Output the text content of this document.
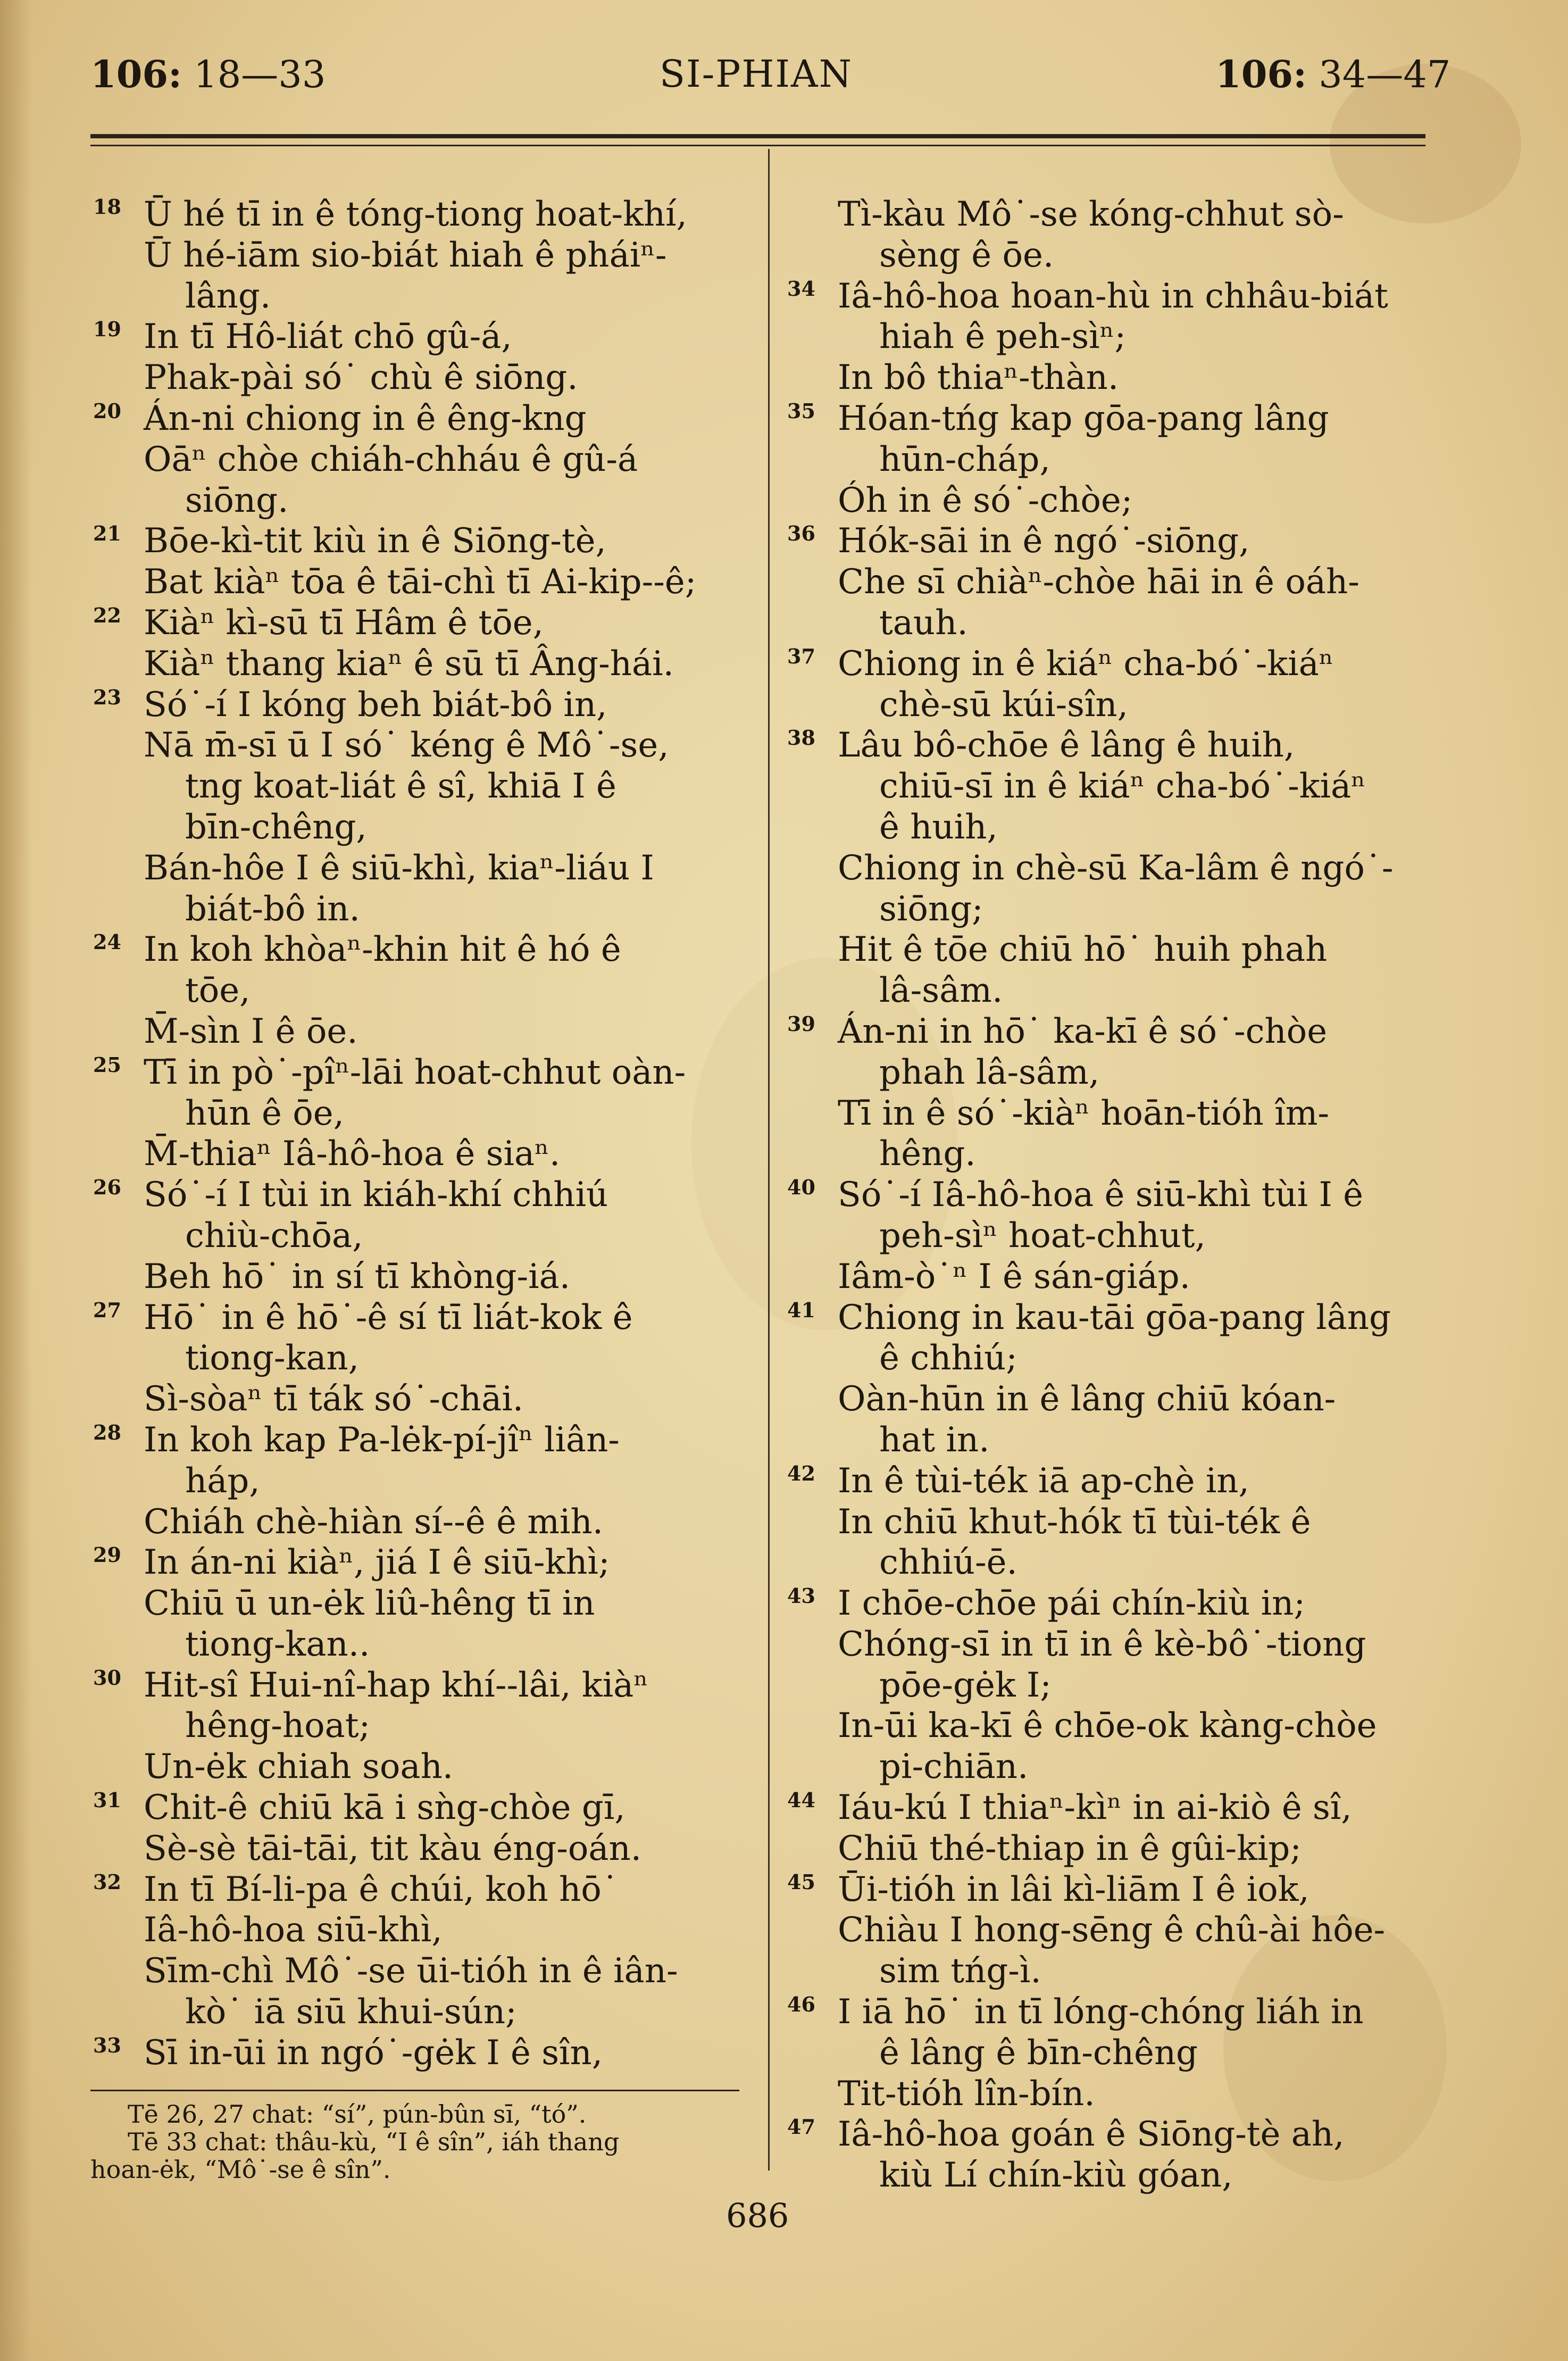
106: 18—33	SI-PHIAN	106: 34—47
18 Ū hé tī in ê tóng-tiong hoat-khí,
Ū hé-iām sio-biát hiah ê pháiⁿ-
lâng.
19 In tī Hô-liát chō gû-á,
Phak-pài só˙ chù ê siōng.
20 Án-ni chiong in ê êng-kng
Oāⁿ chòe chiáh-chháu ê gû-á
siōng.
21 Bōe-kì-tit kiù in ê Siōng-tè,
Bat kiàⁿ tōa ê tāi-chì tī Ai-kip--ê;
22 Kiàⁿ kì-sū tī Hâm ê tōe,
Kiàⁿ thang kiaⁿ ê sū tī Âng-hái.
23 Só˙-í I kóng beh biát-bô in,
Nā m̄-sī ū I só˙ kéng ê Mô˙-se,
tng koat-liát ê sî, khiā I ê
bīn-chêng,
Bán-hôe I ê siū-khì, kiaⁿ-liáu I
biát-bô in.
24 In koh khòaⁿ-khin hit ê hó ê
tōe,
M̄-sìn I ê ōe.
25 Tī in pò˙-pîⁿ-lāi hoat-chhut oàn-
hūn ê ōe,
M̄-thiaⁿ Iâ-hô-hoa ê siaⁿ.
26 Só˙-í I tùi in kiáh-khí chhiú
chiù-chōa,
Beh hō˙ in sí tī khòng-iá.
27 Hō˙ in ê hō˙-ê sí tī liát-kok ê
tiong-kan,
Sì-sòaⁿ tī ták só˙-chāi.
28 In koh kap Pa-lėk-pí-jîⁿ liân-
háp,
Chiáh chè-hiàn sí--ê ê mih.
29 In án-ni kiàⁿ, jiá I ê siū-khì;
Chiū ū un-ėk liû-hêng tī in
tiong-kan..
30 Hit-sî Hui-nî-hap khí--lâi, kiàⁿ
hêng-hoat;
Un-ėk chiah soah.
31 Chit-ê chiū kā i sǹg-chòe gī,
Sè-sè tāi-tāi, tit kàu éng-oán.
32 In tī Bí-li-pa ê chúi, koh hō˙
Iâ-hô-hoa siū-khì,
Sīm-chì Mô˙-se ūi-tióh in ê iân-
kò˙ iā siū khui-sún;
33 Sī in-ūi in ngó˙-gėk I ê sîn,
Tì-kàu Mô˙-se kóng-chhut sò-
sèng ê ōe.
34 Iâ-hô-hoa hoan-hù in chhâu-biát
hiah ê peh-sìⁿ;
In bô thiaⁿ-thàn.
35 Hóan-tńg kap gōa-pang lâng
hūn-cháp,
Óh in ê só˙-chòe;
36 Hók-sāi in ê ngó˙-siōng,
Che sī chiàⁿ-chòe hāi in ê oáh-
tauh.
37 Chiong in ê kiáⁿ cha-bó˙-kiáⁿ
chè-sū kúi-sîn,
38 Lâu bô-chōe ê lâng ê huih,
chiū-sī in ê kiáⁿ cha-bó˙-kiáⁿ
ê huih,
Chiong in chè-sū Ka-lâm ê ngó˙-
siōng;
Hit ê tōe chiū hō˙ huih phah
lâ-sâm.
39 Án-ni in hō˙ ka-kī ê só˙-chòe
phah lâ-sâm,
Tī in ê só˙-kiàⁿ hoān-tióh îm-
hêng.
40 Só˙-í Iâ-hô-hoa ê siū-khì tùi I ê
peh-sìⁿ hoat-chhut,
Iâm-ò˙ⁿ I ê sán-giáp.
41 Chiong in kau-tāi gōa-pang lâng
ê chhiú;
Oàn-hūn in ê lâng chiū kóan-
hat in.
42 In ê tùi-ték iā ap-chè in,
In chiū khut-hók tī tùi-ték ê
chhiú-ē.
43 I chōe-chōe pái chín-kiù in;
Chóng-sī in tī in ê kè-bô˙-tiong
pōe-gėk I;
In-ūi ka-kī ê chōe-ok kàng-chòe
pi-chiān.
44 Iáu-kú I thiaⁿ-kìⁿ in ai-kiò ê sî,
Chiū thé-thiap in ê gûi-kip;
45 Ūi-tióh in lâi kì-liām I ê iok,
Chiàu I hong-sēng ê chû-ài hôe-
sim tńg-ì.
46 I iā hō˙ in tī lóng-chóng liáh in
ê lâng ê bīn-chêng
Tit-tióh lîn-bín.
47 Iâ-hô-hoa goán ê Siōng-tè ah,
kiù Lí chín-kiù góan,
Tē 26, 27 chat: “sí”, pún-bûn sī, “tó”.
Tē 33 chat: thâu-kù, “I ê sîn”, iáh thang
hoan-ėk, “Mô˙-se ê sîn”.
686
